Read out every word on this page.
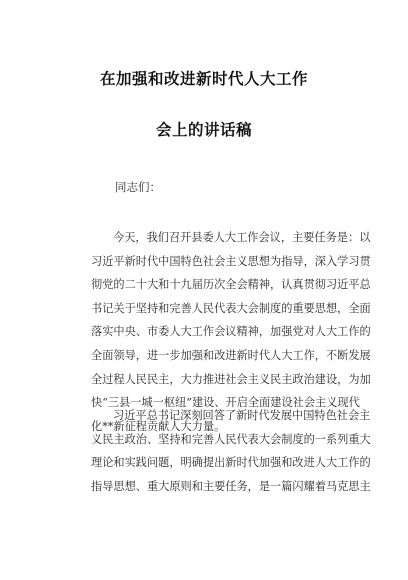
在加强和改进新时代人大工作
会上的讲话稿
同志们：
今天，我们召开县委人大工作会议，主要任务是：以
习近平新时代中国特色社会主义思想为指导，深入学习贯
彻党的二十大和十九届历次全会精神，认真贯彻习近平总
书记关于坚持和完善人民代表大会制度的重要思想，全面
落实中央、市委人大工作会议精神，加强党对人大工作的
全面领导，进一步加强和改进新时代人大工作，不断发展
全过程人民民主，大力推进社会主义民主政治建设，为加
快“三县一城一枢纽”建设、开启全面建设社会主义现代
化**新征程贡献人大力量。
习近平总书记深刻回答了新时代发展中国特色社会主
义民主政治、坚持和完善人民代表大会制度的一系列重大
理论和实践问题，明确提出新时代加强和改进人大工作的
指导思想、重大原则和主要任务，是一篇闪耀着马克思主
